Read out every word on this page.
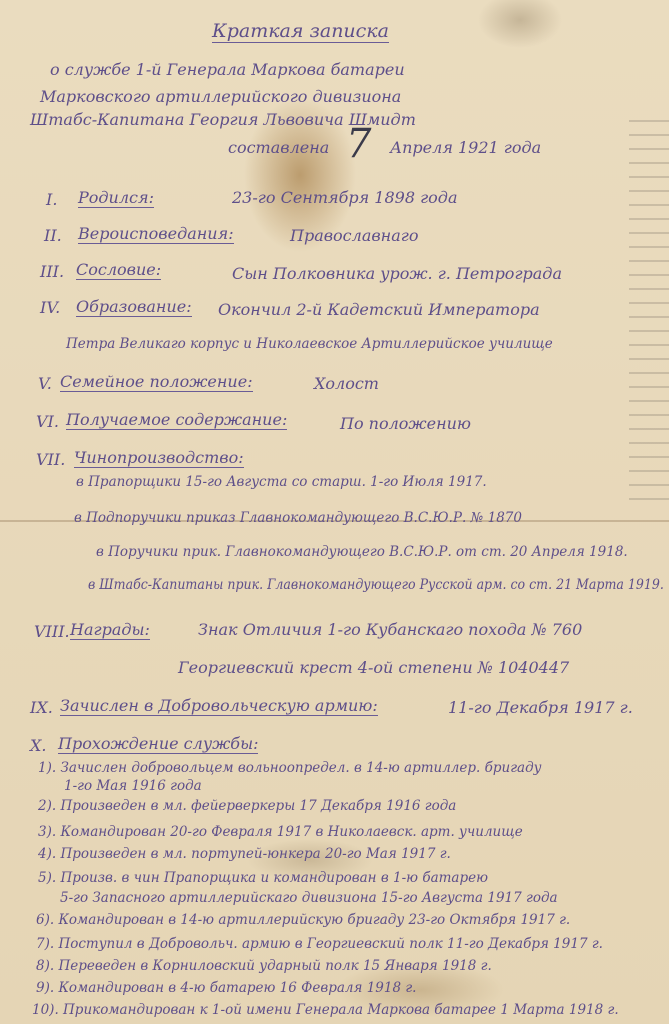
Краткая записка
о службе 1-й Генерала Маркова батареи
Марковского артиллерийского дивизиона
Штабс-Капитана Георгия Львовича Шмидт
составлена 7 Апреля 1921 года
I. Родился:	23-го Сентября 1898 года
II. Вероисповедания:	Православнаго
III. Сословие:	Сын Полковника урож. г. Петрограда
IV. Образование: Окончил 2-й Кадетский Императора
Петра Великаго корпус и Николаевское Артиллерийское училище
V. Семейное положение:	Холост
VI. Получаемое содержание:	По положению
VII. Чинопроизводство:
в Прапорщики 15-го Августа со старш. 1-го Июля 1917.
в Подпоручики приказ Главнокомандующего В.С.Ю.Р. № 1870
в Поручики прик. Главнокомандующего В.С.Ю.Р. от ст. 20 Апреля 1918.
в Штабс-Капитаны прик. Главнокомандующего Русской арм. со ст. 21 Марта 1919.
VIII. Награды:	Знак Отличия 1-го Кубанскаго похода № 760
Георгиевский крест 4-ой степени № 1040447
IX. Зачислен в Добровольческую армию:	11-го Декабря 1917 г.
X. Прохождение службы:
1). Зачислен добровольцем вольноопредел. в 14-ю артиллер. бригаду
1-го Мая 1916 года
2). Произведен в мл. фейерверкеры 17 Декабря 1916 года
3). Командирован 20-го Февраля 1917 в Николаевск. арт. училище
4). Произведен в мл. портупей-юнкера 20-го Мая 1917 г.
5). Произв. в чин Прапорщика и командирован в 1-ю батарею
5-го Запасного артиллерийскаго дивизиона 15-го Августа 1917 года
6). Командирован в 14-ю артиллерийскую бригаду 23-го Октября 1917 г.
7). Поступил в Добровольч. армию в Георгиевский полк 11-го Декабря 1917 г.
8). Переведен в Корниловский ударный полк 15 Января 1918 г.
9). Командирован в 4-ю батарею 16 Февраля 1918 г.
10). Прикомандирован к 1-ой имени Генерала Маркова батарее 1 Марта 1918 г.
